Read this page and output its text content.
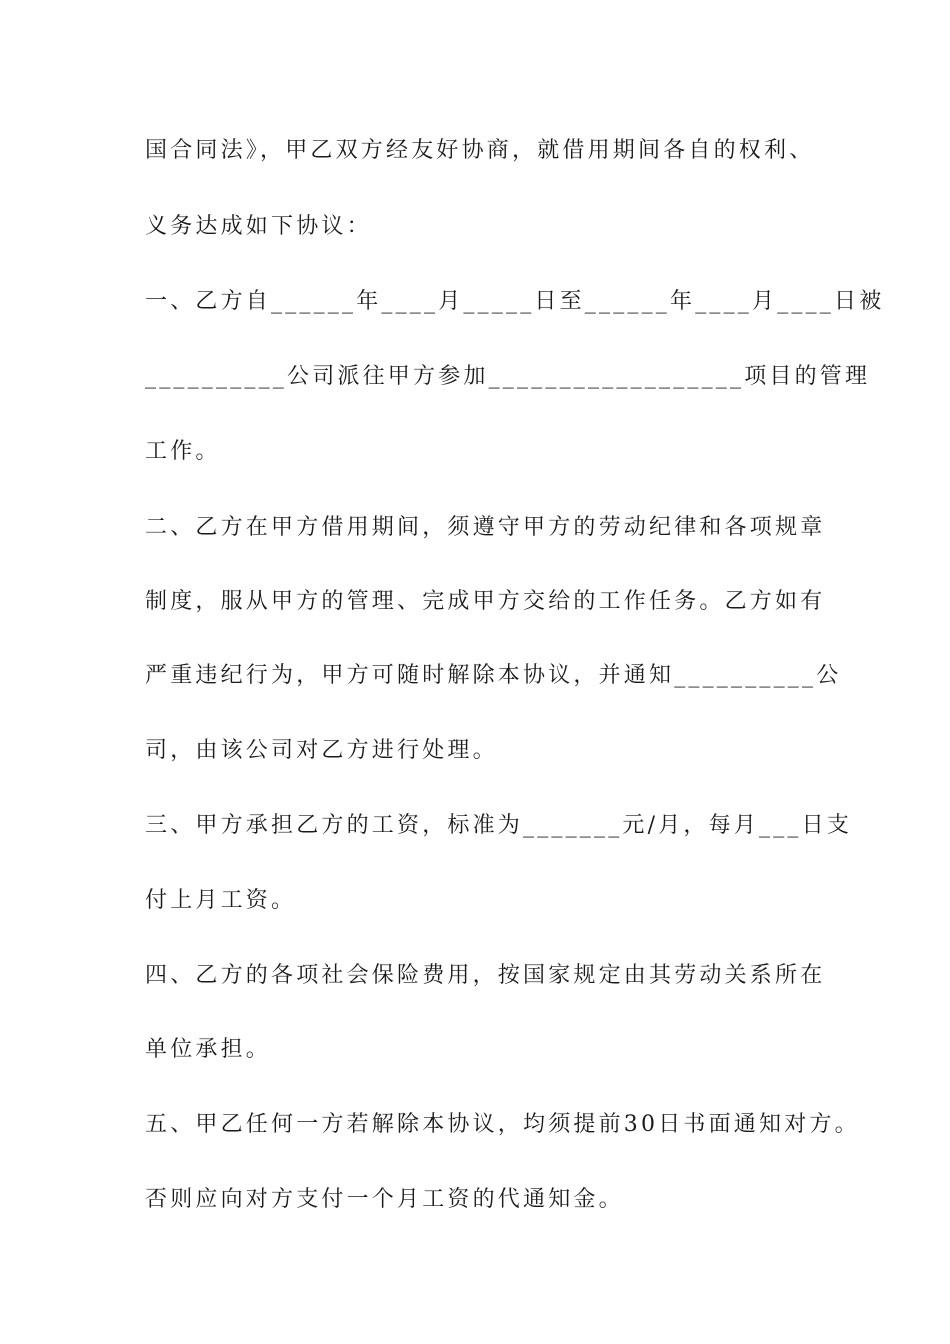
国合同法》，甲乙双方经友好协商，就借用期间各自的权利、
义务达成如下协议：
一、乙方自______年____月_____日至______年____月____日被
__________公司派往甲方参加__________________项目的管理
工作。
二、乙方在甲方借用期间，须遵守甲方的劳动纪律和各项规章
制度，服从甲方的管理、完成甲方交给的工作任务。乙方如有
严重违纪行为，甲方可随时解除本协议，并通知__________公
司，由该公司对乙方进行处理。
三、甲方承担乙方的工资，标准为_______元/月，每月___日支
付上月工资。
四、乙方的各项社会保险费用，按国家规定由其劳动关系所在
单位承担。
五、甲乙任何一方若解除本协议，均须提前30日书面通知对方。
否则应向对方支付一个月工资的代通知金。
